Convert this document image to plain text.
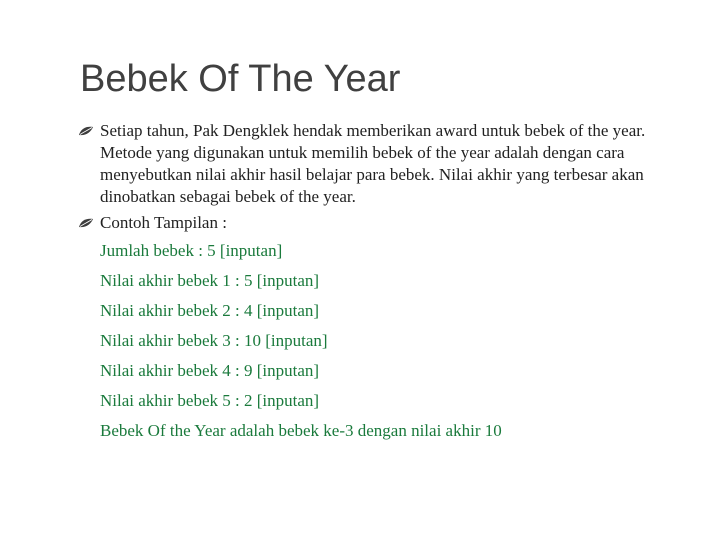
Bebek Of The Year
Setiap tahun, Pak Dengklek hendak memberikan award untuk bebek of the year. Metode yang digunakan untuk memilih bebek of the year adalah dengan cara menyebutkan nilai akhir hasil belajar para bebek. Nilai akhir yang terbesar akan dinobatkan sebagai bebek of the year.
Contoh Tampilan :
Jumlah bebek : 5 [inputan]
Nilai akhir bebek 1 : 5 [inputan]
Nilai akhir bebek 2 : 4 [inputan]
Nilai akhir bebek 3 : 10 [inputan]
Nilai akhir bebek 4 : 9 [inputan]
Nilai akhir bebek 5 : 2 [inputan]
Bebek Of the Year adalah bebek ke-3 dengan nilai akhir 10
